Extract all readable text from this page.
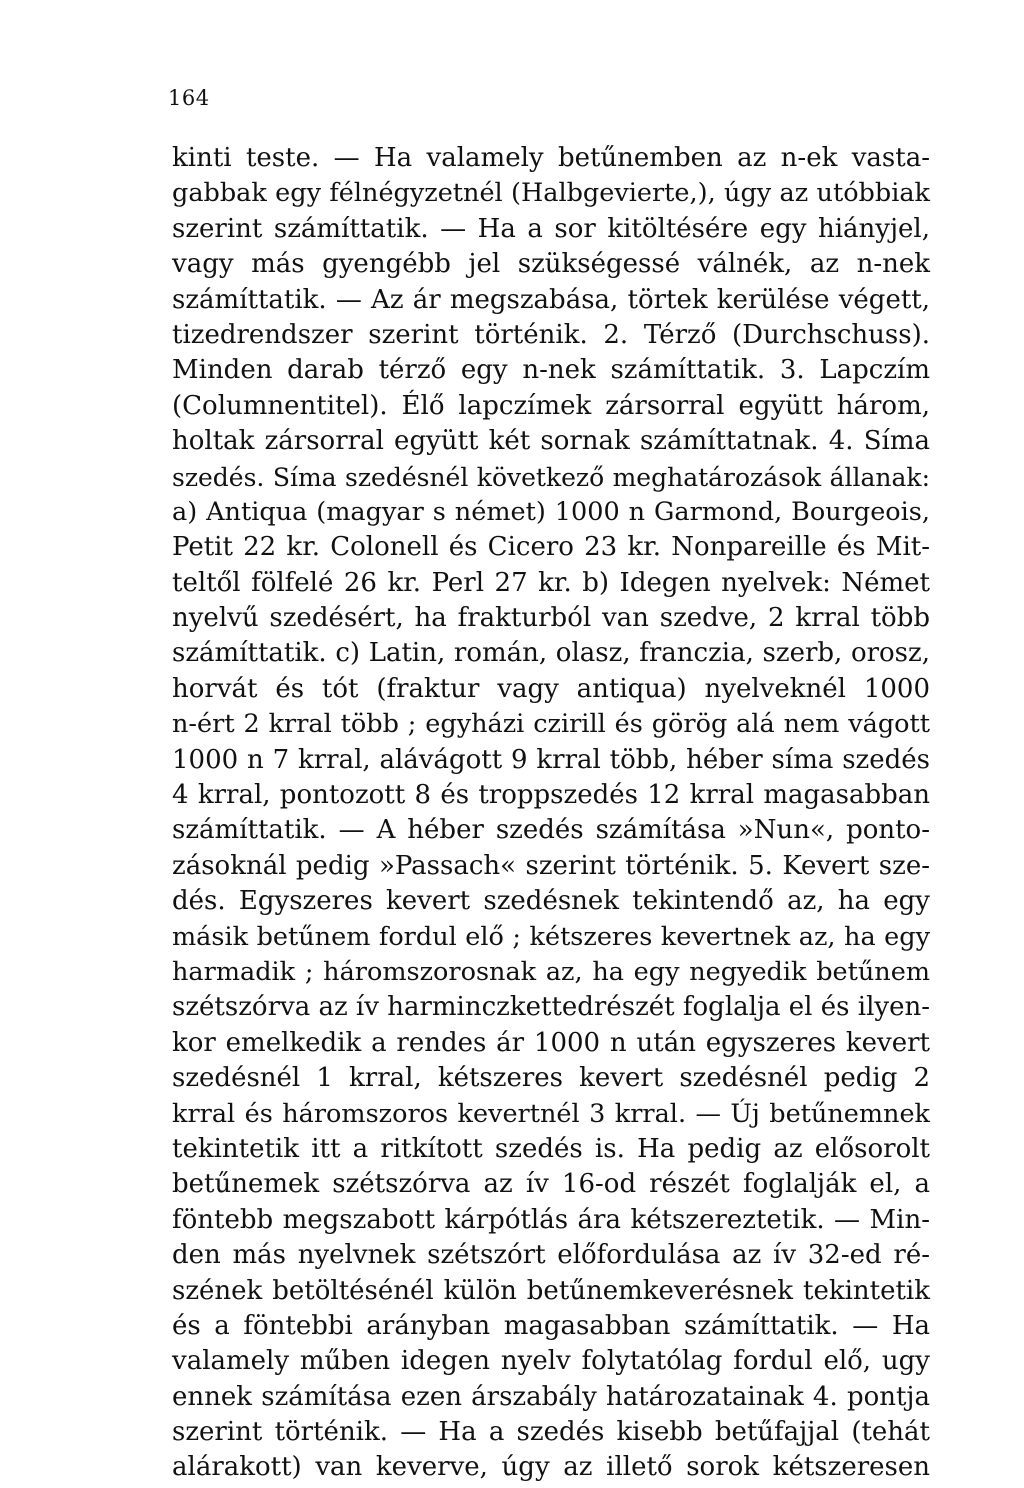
164
kinti teste. — Ha valamely betűnemben az n-ek vasta-
gabbak egy félnégyzetnél (Halbgevierte,), úgy az utóbbiak
szerint számíttatik. — Ha a sor kitöltésére egy hiányjel,
vagy más gyengébb jel szükségessé válnék, az n-nek
számíttatik. — Az ár megszabása, törtek kerülése végett,
tizedrendszer szerint történik. 2. Térző (Durchschuss).
Minden darab térző egy n-nek számíttatik. 3. Lapczím
(Columnentitel). Élő lapczímek zársorral együtt három,
holtak zársorral együtt két sornak számíttatnak. 4. Síma
szedés. Síma szedésnél következő meghatározások állanak:
a) Antiqua (magyar s német) 1000 n Garmond, Bourgeois,
Petit 22 kr. Colonell és Cicero 23 kr. Nonpareille és Mit-
teltől fölfelé 26 kr. Perl 27 kr. b) Idegen nyelvek: Német
nyelvű szedésért, ha frakturból van szedve, 2 krral több
számíttatik. c) Latin, román, olasz, franczia, szerb, orosz,
horvát és tót (fraktur vagy antiqua) nyelveknél 1000
n-ért 2 krral több ; egyházi czirill és görög alá nem vágott
1000 n 7 krral, alávágott 9 krral több, héber síma szedés
4 krral, pontozott 8 és troppszedés 12 krral magasabban
számíttatik. — A héber szedés számítása »Nun«, ponto-
zásoknál pedig »Passach« szerint történik. 5. Kevert sze-
dés. Egyszeres kevert szedésnek tekintendő az, ha egy
másik betűnem fordul elő ; kétszeres kevertnek az, ha egy
harmadik ; háromszorosnak az, ha egy negyedik betűnem
szétszórva az ív harminczkettedrészét foglalja el és ilyen-
kor emelkedik a rendes ár 1000 n után egyszeres kevert
szedésnél 1 krral, kétszeres kevert szedésnél pedig 2
krral és háromszoros kevertnél 3 krral. — Új betűnemnek
tekintetik itt a ritkított szedés is. Ha pedig az elősorolt
betűnemek szétszórva az ív 16-od részét foglalják el, a
föntebb megszabott kárpótlás ára kétszereztetik. — Min-
den más nyelvnek szétszórt előfordulása az ív 32-ed ré-
szének betöltésénél külön betűnemkeverésnek tekintetik
és a föntebbi arányban magasabban számíttatik. — Ha
valamely műben idegen nyelv folytatólag fordul elő, ugy
ennek számítása ezen árszabály határozatainak 4. pontja
szerint történik. — Ha a szedés kisebb betűfajjal (tehát
alárakott) van keverve, úgy az illető sorok kétszeresen
